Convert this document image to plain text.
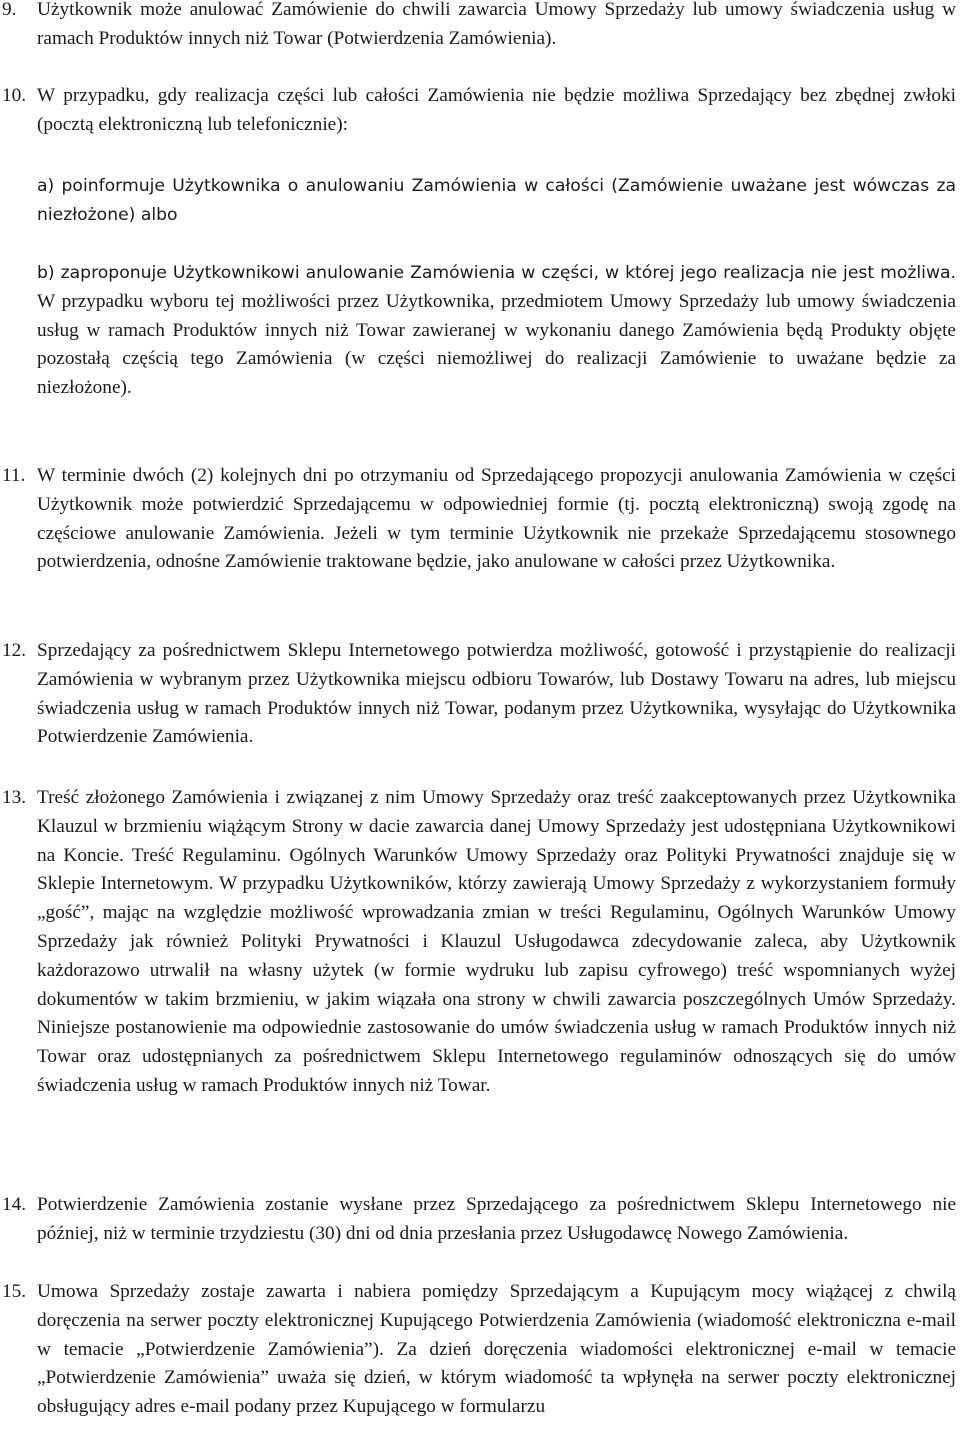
9. Użytkownik może anulować Zamówienie do chwili zawarcia Umowy Sprzedaży lub umowy świadczenia usług w ramach Produktów innych niż Towar (Potwierdzenia Zamówienia).
10. W przypadku, gdy realizacja części lub całości Zamówienia nie będzie możliwa Sprzedający bez zbędnej zwłoki (pocztą elektroniczną lub telefonicznie):
a) poinformuje Użytkownika o anulowaniu Zamówienia w całości (Zamówienie uważane jest wówczas za niezłożone) albo
b) zaproponuje Użytkownikowi anulowanie Zamówienia w części, w której jego realizacja nie jest możliwa. W przypadku wyboru tej możliwości przez Użytkownika, przedmiotem Umowy Sprzedaży lub umowy świadczenia usług w ramach Produktów innych niż Towar zawieranej w wykonaniu danego Zamówienia będą Produkty objęte pozostałą częścią tego Zamówienia (w części niemożliwej do realizacji Zamówienie to uważane będzie za niezłożone).
11. W terminie dwóch (2) kolejnych dni po otrzymaniu od Sprzedającego propozycji anulowania Zamówienia w części Użytkownik może potwierdzić Sprzedającemu w odpowiedniej formie (tj. pocztą elektroniczną) swoją zgodę na częściowe anulowanie Zamówienia. Jeżeli w tym terminie Użytkownik nie przekaże Sprzedającemu stosownego potwierdzenia, odnośne Zamówienie traktowane będzie, jako anulowane w całości przez Użytkownika.
12. Sprzedający za pośrednictwem Sklepu Internetowego potwierdza możliwość, gotowość i przystąpienie do realizacji Zamówienia w wybranym przez Użytkownika miejscu odbioru Towarów, lub Dostawy Towaru na adres, lub miejscu świadczenia usług w ramach Produktów innych niż Towar, podanym przez Użytkownika, wysyłając do Użytkownika Potwierdzenie Zamówienia.
13. Treść złożonego Zamówienia i związanej z nim Umowy Sprzedaży oraz treść zaakceptowanych przez Użytkownika Klauzul w brzmieniu wiążącym Strony w dacie zawarcia danej Umowy Sprzedaży jest udostępniana Użytkownikowi na Koncie. Treść Regulaminu. Ogólnych Warunków Umowy Sprzedaży oraz Polityki Prywatności znajduje się w Sklepie Internetowym. W przypadku Użytkowników, którzy zawierają Umowy Sprzedaży z wykorzystaniem formuły „gość”, mając na względzie możliwość wprowadzania zmian w treści Regulaminu, Ogólnych Warunków Umowy Sprzedaży jak również Polityki Prywatności i Klauzul Usługodawca zdecydowanie zaleca, aby Użytkownik każdorazowo utrwalił na własny użytek (w formie wydruku lub zapisu cyfrowego) treść wspomnianych wyżej dokumentów w takim brzmieniu, w jakim wiązała ona strony w chwili zawarcia poszczególnych Umów Sprzedaży. Niniejsze postanowienie ma odpowiednie zastosowanie do umów świadczenia usług w ramach Produktów innych niż Towar oraz udostępnianych za pośrednictwem Sklepu Internetowego regulaminów odnoszących się do umów świadczenia usług w ramach Produktów innych niż Towar.
14. Potwierdzenie Zamówienia zostanie wysłane przez Sprzedającego za pośrednictwem Sklepu Internetowego nie później, niż w terminie trzydziestu (30) dni od dnia przesłania przez Usługodawcę Nowego Zamówienia.
15. Umowa Sprzedaży zostaje zawarta i nabiera pomiędzy Sprzedającym a Kupującym mocy wiążącej z chwilą doręczenia na serwer poczty elektronicznej Kupującego Potwierdzenia Zamówienia (wiadomość elektroniczna e-mail w temacie „Potwierdzenie Zamówienia”). Za dzień doręczenia wiadomości elektronicznej e-mail w temacie „Potwierdzenie Zamówienia” uważa się dzień, w którym wiadomość ta wpłynęła na serwer poczty elektronicznej obsługujący adres e-mail podany przez Kupującego w formularzu
